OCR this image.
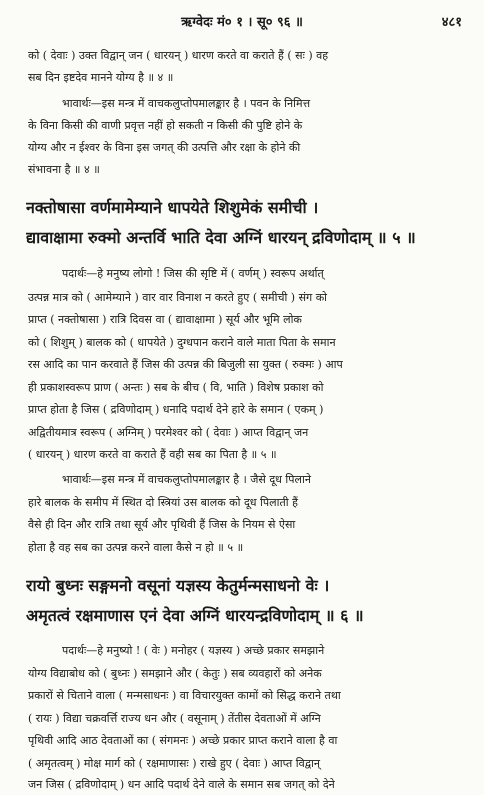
ऋग्वेदः मं० १ । सू० ९६ ॥	४८१
को ( देवाः ) उक्त विद्वान् जन ( धारयन् ) धारण करते वा कराते हैं ( सः ) वह
सब दिन इष्टदेव मानने योग्य है ॥ ४ ॥
भावार्थः—इस मन्त्र में वाचकलुप्तोपमालङ्कार है । पवन के निमित्त
के विना किसी की वाणी प्रवृत्त नहीं हो सकती न किसी की पुष्टि होने के
योग्य और न ईश्वर के विना इस जगत् की उत्पत्ति और रक्षा के होने की
संभावना है ॥ ४ ॥
नक्तोषासा वर्णमामेम्याने धापयेते शिशुमेकं समीची ।
द्यावाक्षामा रुक्मो अन्तर्वि भाति देवा अग्निं धारयन् द्रविणोदाम् ॥ ५ ॥
पदार्थः—हे मनुष्य लोगो ! जिस की सृष्टि में ( वर्णम् ) स्वरूप अर्थात्
उत्पन्न मात्र को ( आमेम्याने ) वार वार विनाश न करते हुए ( समीची ) संग को
प्राप्त ( नक्तोषासा ) रात्रि दिवस वा ( द्यावाक्षामा ) सूर्य और भूमि लोक
को ( शिशुम् ) बालक को ( धापयेते ) दुग्धपान कराने वाले माता पिता के समान
रस आदि का पान करवाते हैं जिस की उत्पन्न की बिजुली सा युक्त ( रुक्मः ) आप
ही प्रकाशस्वरूप प्राण ( अन्तः ) सब के बीच ( वि, भाति ) विशेष प्रकाश को
प्राप्त होता है जिस ( द्रविणोदाम् ) धनादि पदार्थ देने हारे के समान ( एकम् )
अद्वितीयमात्र स्वरूप ( अग्निम् ) परमेश्वर को ( देवाः ) आप्त विद्वान् जन
( धारयन् ) धारण करते वा कराते हैं वही सब का पिता है ॥ ५ ॥
भावार्थः—इस मन्त्र में वाचकलुप्तोपमालङ्कार है । जैसे दूध पिलाने
हारे बालक के समीप में स्थित दो स्त्रियां उस बालक को दूध पिलाती हैं
वैसे ही दिन और रात्रि तथा सूर्य और पृथिवी हैं जिस के नियम से ऐसा
होता है वह सब का उत्पन्न करने वाला कैसे न हो ॥ ५ ॥
रायो बुध्नः सङ्गमनो वसूनां यज्ञस्य केतुर्मन्मसाधनो वेः ।
अमृतत्वं रक्षमाणास एनं देवा अग्निं धारयन्द्रविणोदाम् ॥ ६ ॥
पदार्थः—हे मनुष्यो ! ( वेः ) मनोहर ( यज्ञस्य ) अच्छे प्रकार समझाने
योग्य विद्याबोध को ( बुध्नः ) समझाने और ( केतुः ) सब व्यवहारों को अनेक
प्रकारों से चिताने वाला ( मन्मसाधनः ) वा विचारयुक्त कामों को सिद्ध कराने तथा
( रायः ) विद्या चक्रवर्त्ति राज्य धन और ( वसूनाम् ) तेंतीस देवताओं में अग्नि
पृथिवी आदि आठ देवताओं का ( संगमनः ) अच्छे प्रकार प्राप्त कराने वाला है वा
( अमृतत्वम् ) मोक्ष मार्ग को ( रक्षमाणासः ) राखे हुए ( देवाः ) आप्त विद्वान्
जन जिस ( द्रविणोदाम् ) धन आदि पदार्थ देने वाले के समान सब जगत् को देने
